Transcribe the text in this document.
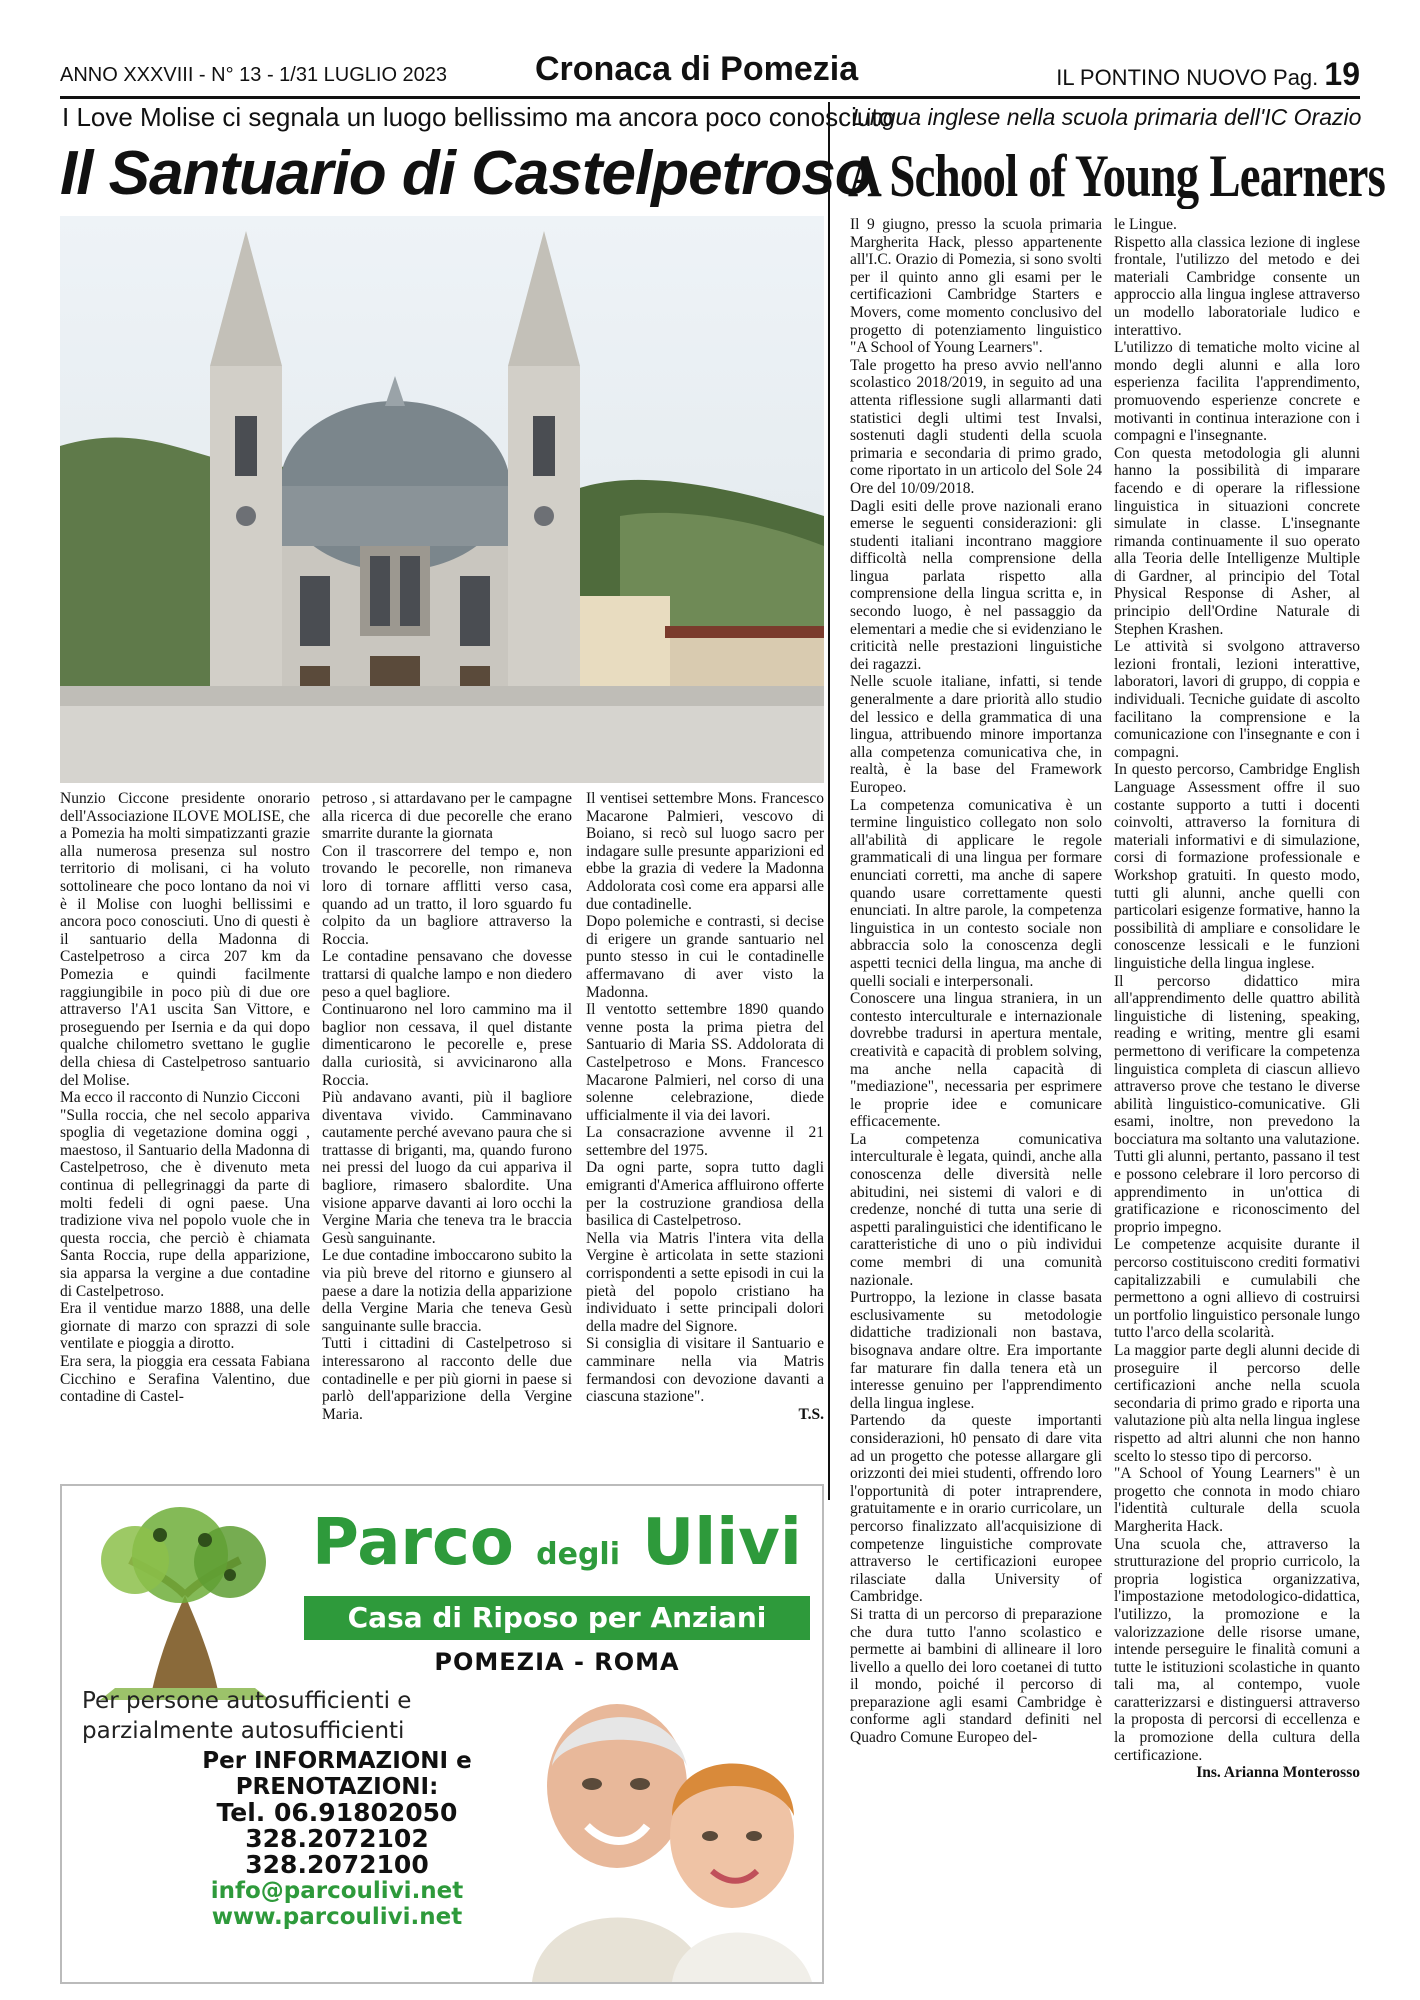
ANNO XXXVIII - N° 13 - 1/31 LUGLIO 2023	Cronaca di Pomezia	IL PONTINO NUOVO Pag. 19
I Love Molise ci segnala un luogo bellissimo ma ancora poco conosciuto
Il Santuario di Castelpetroso

Nunzio Ciccone presidente onorario dell'Associazione ILOVE MOLISE, che a Pomezia ha molti simpatizzanti grazie alla numerosa presenza sul nostro territorio di molisani, ci ha voluto sottolineare che poco lontano da noi vi è il Molise con luoghi bellissimi e ancora poco conosciuti. Uno di questi è il santuario della Madonna di Castelpetroso a circa 207 km da Pomezia e quindi facilmente raggiungibile in poco più di due ore attraverso l'A1 uscita San Vittore, e proseguendo per Isernia e da qui dopo qualche chilometro svettano le guglie della chiesa di Castelpetroso santuario del Molise.

Ma ecco il racconto di Nunzio Cicconi

"Sulla roccia, che nel secolo appariva spoglia di vegetazione domina oggi , maestoso, il Santuario della Madonna di Castelpetroso, che è divenuto meta continua di pellegrinaggi da parte di molti fedeli di ogni paese. Una tradizione viva nel popolo vuole che in questa roccia, che perciò è chiamata Santa Roccia, rupe della apparizione, sia apparsa la vergine a due contadine di Castelpetroso.

Era il ventidue marzo 1888, una delle giornate di marzo con sprazzi di sole ventilate e pioggia a dirotto.

Era sera, la pioggia era cessata Fabiana Cicchino e Serafina Valentino, due contadine di Castel-

petroso , si attardavano per le campagne alla ricerca di due pecorelle che erano smarrite durante la giornata

Con il trascorrere del tempo e, non trovando le pecorelle, non rimaneva loro di tornare afflitti verso casa, quando ad un tratto, il loro sguardo fu colpito da un bagliore attraverso la Roccia.

Le contadine pensavano che dovesse trattarsi di qualche lampo e non diedero peso a quel bagliore.

Continuarono nel loro cammino ma il baglior non cessava, il quel distante dimenticarono le pecorelle e, prese dalla curiosità, si avvicinarono alla Roccia.

Più andavano avanti, più il bagliore diventava vivido. Camminavano cautamente perché avevano paura che si trattasse di briganti, ma, quando furono nei pressi del luogo da cui appariva il bagliore, rimasero sbalordite. Una visione apparve davanti ai loro occhi la Vergine Maria che teneva tra le braccia Gesù sanguinante.

Le due contadine imboccarono subito la via più breve del ritorno e giunsero al paese a dare la notizia della apparizione della Vergine Maria che teneva Gesù sanguinante sulle braccia.

Tutti i cittadini di Castelpetroso si interessarono al racconto delle due contadinelle e per più giorni in paese si parlò dell'apparizione della Vergine Maria.

Il ventisei settembre Mons. Francesco Macarone Palmieri, vescovo di Boiano, si recò sul luogo sacro per indagare sulle presunte apparizioni ed ebbe la grazia di vedere la Madonna Addolorata così come era apparsi alle due contadinelle.

Dopo polemiche e contrasti, si decise di erigere un grande santuario nel punto stesso in cui le contadinelle affermavano di aver visto la Madonna.

Il ventotto settembre 1890 quando venne posta la prima pietra del Santuario di Maria SS. Addolorata di Castelpetroso e Mons. Francesco Macarone Palmieri, nel corso di una solenne celebrazione, diede ufficialmente il via dei lavori.

La consacrazione avvenne il 21 settembre del 1975.

Da ogni parte, sopra tutto dagli emigranti d'America affluirono offerte per la costruzione grandiosa della basilica di Castelpetroso.

Nella via Matris l'intera vita della Vergine è articolata in sette stazioni corrispondenti a sette episodi in cui la pietà del popolo cristiano ha individuato i sette principali dolori della madre del Signore.

Si consiglia di visitare il Santuario e camminare nella via Matris fermandosi con devozione davanti a ciascuna stazione".

T.S.

Lingua inglese nella scuola primaria dell'IC Orazio
A School of Young Learners

Il 9 giugno, presso la scuola primaria Margherita Hack, plesso appartenente all'I.C. Orazio di Pomezia, si sono svolti per il quinto anno gli esami per le certificazioni Cambridge Starters e Movers, come momento conclusivo del progetto di potenziamento linguistico "A School of Young Learners".

Tale progetto ha preso avvio nell'anno scolastico 2018/2019, in seguito ad una attenta riflessione sugli allarmanti dati statistici degli ultimi test Invalsi, sostenuti dagli studenti della scuola primaria e secondaria di primo grado, come riportato in un articolo del Sole 24 Ore del 10/09/2018.

Dagli esiti delle prove nazionali erano emerse le seguenti considerazioni: gli studenti italiani incontrano maggiore difficoltà nella comprensione della lingua parlata rispetto alla comprensione della lingua scritta e, in secondo luogo, è nel passaggio da elementari a medie che si evidenziano le criticità nelle prestazioni linguistiche dei ragazzi.

Nelle scuole italiane, infatti, si tende generalmente a dare priorità allo studio del lessico e della grammatica di una lingua, attribuendo minore importanza alla competenza comunicativa che, in realtà, è la base del Framework Europeo.

La competenza comunicativa è un termine linguistico collegato non solo all'abilità di applicare le regole grammaticali di una lingua per formare enunciati corretti, ma anche di sapere quando usare correttamente questi enunciati. In altre parole, la competenza linguistica in un contesto sociale non abbraccia solo la conoscenza degli aspetti tecnici della lingua, ma anche di quelli sociali e interpersonali.

Conoscere una lingua straniera, in un contesto interculturale e internazionale dovrebbe tradursi in apertura mentale, creatività e capacità di problem solving, ma anche nella capacità di "mediazione", necessaria per esprimere le proprie idee e comunicare efficacemente.

La competenza comunicativa interculturale è legata, quindi, anche alla conoscenza delle diversità nelle abitudini, nei sistemi di valori e di credenze, nonché di tutta una serie di aspetti paralinguistici che identificano le caratteristiche di uno o più individui come membri di una comunità nazionale.

Purtroppo, la lezione in classe basata esclusivamente su metodologie didattiche tradizionali non bastava, bisognava andare oltre. Era importante far maturare fin dalla tenera età un interesse genuino per l'apprendimento della lingua inglese.

Partendo da queste importanti considerazioni, h0 pensato di dare vita ad un progetto che potesse allargare gli orizzonti dei miei studenti, offrendo loro l'opportunità di poter intraprendere, gratuitamente e in orario curricolare, un percorso finalizzato all'acquisizione di competenze linguistiche comprovate attraverso le certificazioni europee rilasciate dalla University of Cambridge.

Si tratta di un percorso di preparazione che dura tutto l'anno scolastico e permette ai bambini di allineare il loro livello a quello dei loro coetanei di tutto il mondo, poiché il percorso di preparazione agli esami Cambridge è conforme agli standard definiti nel Quadro Comune Europeo del-

le Lingue.

Rispetto alla classica lezione di inglese frontale, l'utilizzo del metodo e dei materiali Cambridge consente un approccio alla lingua inglese attraverso un modello laboratoriale ludico e interattivo.

L'utilizzo di tematiche molto vicine al mondo degli alunni e alla loro esperienza facilita l'apprendimento, promuovendo esperienze concrete e motivanti in continua interazione con i compagni e l'insegnante.

Con questa metodologia gli alunni hanno la possibilità di imparare facendo e di operare la riflessione linguistica in situazioni concrete simulate in classe. L'insegnante rimanda continuamente il suo operato alla Teoria delle Intelligenze Multiple di Gardner, al principio del Total Physical Response di Asher, al principio dell'Ordine Naturale di Stephen Krashen.

Le attività si svolgono attraverso lezioni frontali, lezioni interattive, laboratori, lavori di gruppo, di coppia e individuali. Tecniche guidate di ascolto facilitano la comprensione e la comunicazione con l'insegnante e con i compagni.

In questo percorso, Cambridge English Language Assessment offre il suo costante supporto a tutti i docenti coinvolti, attraverso la fornitura di materiali informativi e di simulazione, corsi di formazione professionale e Workshop gratuiti. In questo modo, tutti gli alunni, anche quelli con particolari esigenze formative, hanno la possibilità di ampliare e consolidare le conoscenze lessicali e le funzioni linguistiche della lingua inglese.

Il percorso didattico mira all'apprendimento delle quattro abilità linguistiche di listening, speaking, reading e writing, mentre gli esami permettono di verificare la competenza linguistica completa di ciascun allievo attraverso prove che testano le diverse abilità linguistico-comunicative. Gli esami, inoltre, non prevedono la bocciatura ma soltanto una valutazione.

Tutti gli alunni, pertanto, passano il test e possono celebrare il loro percorso di apprendimento in un'ottica di gratificazione e riconoscimento del proprio impegno.

Le competenze acquisite durante il percorso costituiscono crediti formativi capitalizzabili e cumulabili che permettono a ogni allievo di costruirsi un portfolio linguistico personale lungo tutto l'arco della scolarità.

La maggior parte degli alunni decide di proseguire il percorso delle certificazioni anche nella scuola secondaria di primo grado e riporta una valutazione più alta nella lingua inglese rispetto ad altri alunni che non hanno scelto lo stesso tipo di percorso.

"A School of Young Learners" è un progetto che connota in modo chiaro l'identità culturale della scuola Margherita Hack.

Una scuola che, attraverso la strutturazione del proprio curricolo, la propria logistica organizzativa, l'impostazione metodologico-didattica, l'utilizzo, la promozione e la valorizzazione delle risorse umane, intende perseguire le finalità comuni a tutte le istituzioni scolastiche in quanto tali ma, al contempo, vuole caratterizzarsi e distinguersi attraverso la proposta di percorsi di eccellenza e la promozione della cultura della certificazione.

Ins. Arianna Monterosso

Parco degli Ulivi
Casa di Riposo per Anziani
POMEZIA - ROMA
Per persone autosufficienti e
parzialmente autosufficienti
Per INFORMAZIONI e PRENOTAZIONI:
Tel. 06.91802050
328.2072102
328.2072100
info@parcoulivi.net
www.parcoulivi.net
